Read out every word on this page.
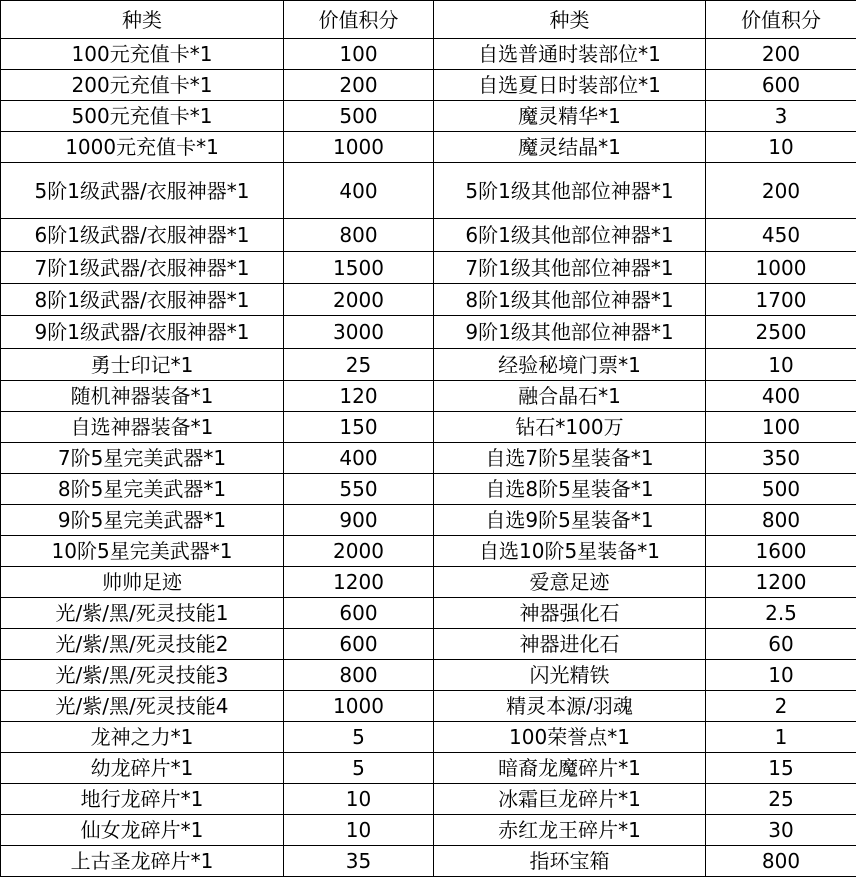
种类	价值积分	种类	价值积分
100元充值卡*1	100	自选普通时装部位*1	200
200元充值卡*1	200	自选夏日时装部位*1	600
500元充值卡*1	500	魔灵精华*1	3
1000元充值卡*1	1000	魔灵结晶*1	10
5阶1级武器/衣服神器*1	400	5阶1级其他部位神器*1	200
6阶1级武器/衣服神器*1	800	6阶1级其他部位神器*1	450
7阶1级武器/衣服神器*1	1500	7阶1级其他部位神器*1	1000
8阶1级武器/衣服神器*1	2000	8阶1级其他部位神器*1	1700
9阶1级武器/衣服神器*1	3000	9阶1级其他部位神器*1	2500
勇士印记*1	25	经验秘境门票*1	10
随机神器装备*1	120	融合晶石*1	400
自选神器装备*1	150	钻石*100万	100
7阶5星完美武器*1	400	自选7阶5星装备*1	350
8阶5星完美武器*1	550	自选8阶5星装备*1	500
9阶5星完美武器*1	900	自选9阶5星装备*1	800
10阶5星完美武器*1	2000	自选10阶5星装备*1	1600
帅帅足迹	1200	爱意足迹	1200
光/紫/黑/死灵技能1	600	神器强化石	2.5
光/紫/黑/死灵技能2	600	神器进化石	60
光/紫/黑/死灵技能3	800	闪光精铁	10
光/紫/黑/死灵技能4	1000	精灵本源/羽魂	2
龙神之力*1	5	100荣誉点*1	1
幼龙碎片*1	5	暗裔龙魔碎片*1	15
地行龙碎片*1	10	冰霜巨龙碎片*1	25
仙女龙碎片*1	10	赤红龙王碎片*1	30
上古圣龙碎片*1	35	指环宝箱	800
